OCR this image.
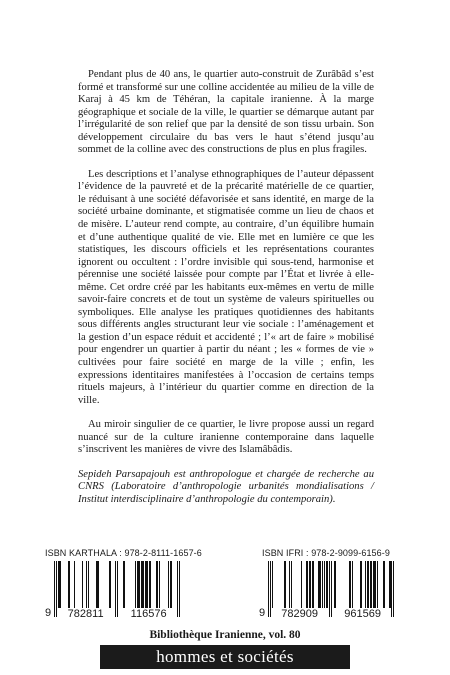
Pendant plus de 40 ans, le quartier auto-construit de Zurâbâd s’est formé et transformé sur une colline accidentée au milieu de la ville de Karaj à 45 km de Téhéran, la capitale iranienne. À la marge géographique et sociale de la ville, le quartier se démarque autant par l’irrégularité de son relief que par la densité de son tissu urbain. Son développement circulaire du bas vers le haut s’étend jusqu’au sommet de la colline avec des constructions de plus en plus fragiles.

Les descriptions et l’analyse ethnographiques de l’auteur dépassent l’évidence de la pauvreté et de la précarité matérielle de ce quartier, le réduisant à une société défavorisée et sans identité, en marge de la société urbaine dominante, et stigmatisée comme un lieu de chaos et de misère. L’auteur rend compte, au contraire, d’un équilibre humain et d’une authentique qualité de vie. Elle met en lumière ce que les statistiques, les discours officiels et les représentations courantes ignorent ou occultent : l’ordre invisible qui sous-tend, harmonise et pérennise une société laissée pour compte par l’État et livrée à elle-même. Cet ordre créé par les habitants eux-mêmes en vertu de mille savoir-faire concrets et de tout un système de valeurs spirituelles ou symboliques. Elle analyse les pratiques quotidiennes des habitants sous différents angles structurant leur vie sociale : l’aménagement et la gestion d’un espace réduit et accidenté ; l’« art de faire » mobilisé pour engendrer un quartier à partir du néant ; les « formes de vie » cultivées pour faire société en marge de la ville ; enfin, les expressions identitaires manifestées à l’occasion de certains temps rituels majeurs, à l’intérieur du quartier comme en direction de la ville.

Au miroir singulier de ce quartier, le livre propose aussi un regard nuancé sur de la culture iranienne contemporaine dans laquelle s’inscrivent les manières de vivre des Islamâbâdis.

Sepideh Parsapajouh est anthropologue et chargée de recherche au CNRS (Laboratoire d’anthropologie urbanités mondialisations / Institut interdisciplinaire d’anthropologie du contemporain).

ISBN KARTHALA : 978-2-8111-1657-6	ISBN IFRI : 978-2-9099-6156-9
9 782811 116576	9 782909 961569
Bibliothèque Iranienne, vol. 80
hommes et sociétés
